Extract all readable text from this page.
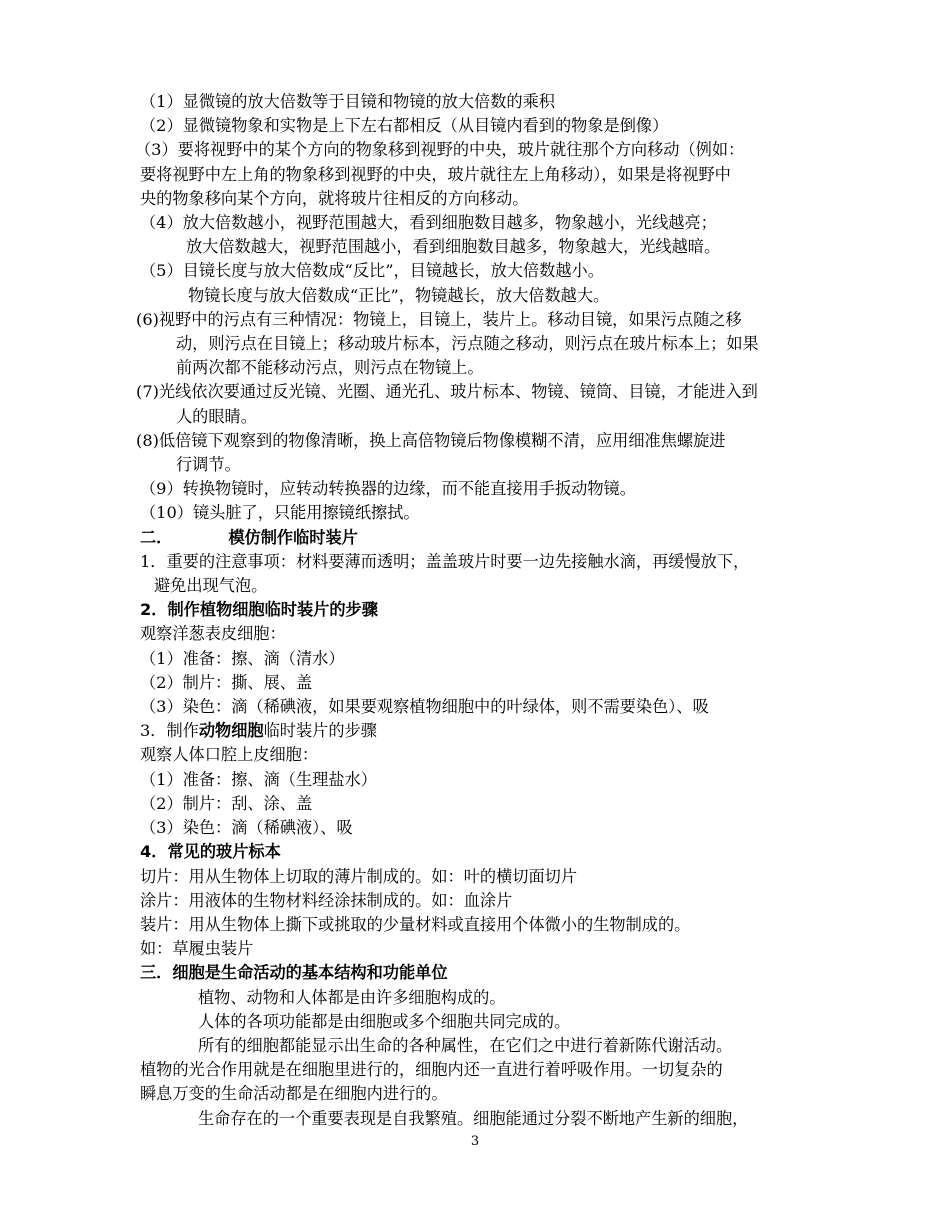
（1）显微镜的放大倍数等于目镜和物镜的放大倍数的乘积
（2）显微镜物象和实物是上下左右都相反（从目镜内看到的物象是倒像）
（3）要将视野中的某个方向的物象移到视野的中央，玻片就往那个方向移动（例如：
要将视野中左上角的物象移到视野的中央，玻片就往左上角移动），如果是将视野中
央的物象移向某个方向，就将玻片往相反的方向移动。
（4）放大倍数越小，视野范围越大，看到细胞数目越多，物象越小，光线越亮；
放大倍数越大，视野范围越小，看到细胞数目越多，物象越大，光线越暗。
（5）目镜长度与放大倍数成“反比”，目镜越长，放大倍数越小。
物镜长度与放大倍数成“正比”，物镜越长，放大倍数越大。
(6)视野中的污点有三种情况：物镜上，目镜上，装片上。移动目镜，如果污点随之移
动，则污点在目镜上；移动玻片标本，污点随之移动，则污点在玻片标本上；如果
前两次都不能移动污点，则污点在物镜上。
(7)光线依次要通过反光镜、光圈、通光孔、玻片标本、物镜、镜筒、目镜，才能进入到
人的眼睛。
(8)低倍镜下观察到的物像清晰，换上高倍物镜后物像模糊不清，应用细准焦螺旋进
行调节。
（9）转换物镜时，应转动转换器的边缘，而不能直接用手扳动物镜。
（10）镜头脏了，只能用擦镜纸擦拭。
二．	模仿制作临时装片
1．重要的注意事项：材料要薄而透明；盖盖玻片时要一边先接触水滴，再缓慢放下，
避免出现气泡。
2．制作植物细胞临时装片的步骤
观察洋葱表皮细胞：
（1）准备：擦、滴（清水）
（2）制片：撕、展、盖
（3）染色：滴（稀碘液，如果要观察植物细胞中的叶绿体，则不需要染色）、吸
3．制作动物细胞临时装片的步骤
观察人体口腔上皮细胞：
（1）准备：擦、滴（生理盐水）
（2）制片：刮、涂、盖
（3）染色：滴（稀碘液）、吸
4．常见的玻片标本
切片：用从生物体上切取的薄片制成的。如：叶的横切面切片
涂片：用液体的生物材料经涂抹制成的。如：血涂片
装片：用从生物体上撕下或挑取的少量材料或直接用个体微小的生物制成的。
如：草履虫装片
三．细胞是生命活动的基本结构和功能单位
植物、动物和人体都是由许多细胞构成的。
人体的各项功能都是由细胞或多个细胞共同完成的。
所有的细胞都能显示出生命的各种属性，在它们之中进行着新陈代谢活动。
植物的光合作用就是在细胞里进行的，细胞内还一直进行着呼吸作用。一切复杂的
瞬息万变的生命活动都是在细胞内进行的。
生命存在的一个重要表现是自我繁殖。细胞能通过分裂不断地产生新的细胞，
3
